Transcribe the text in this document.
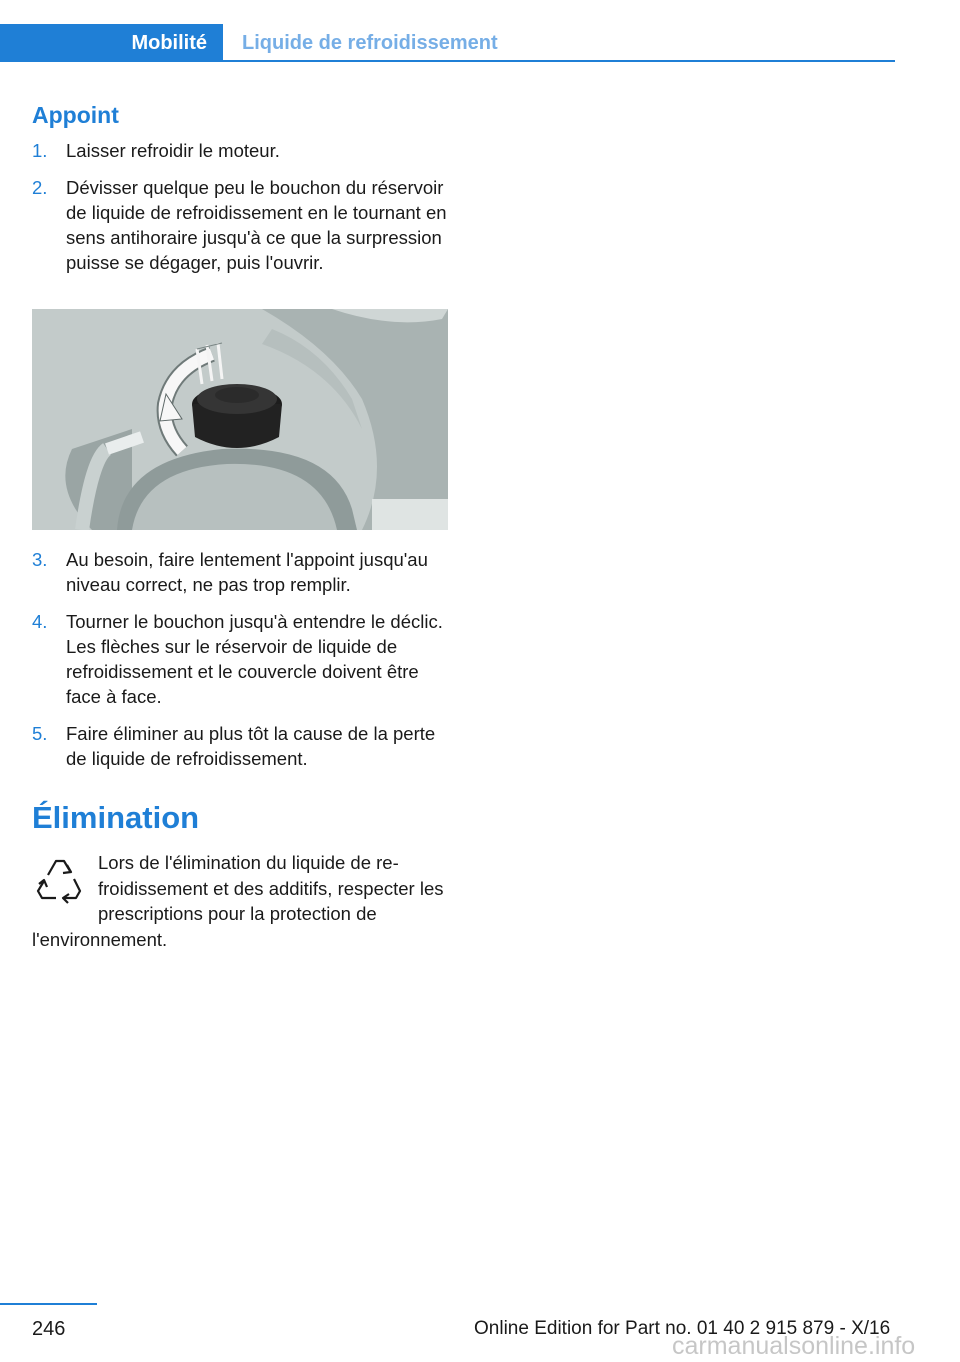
Mobilité	Liquide de refroidissement
Appoint
1. Laisser refroidir le moteur.
2. Dévisser quelque peu le bouchon du réservoir de liquide de refroidissement en le tournant en sens antihoraire jusqu'à ce que la surpression puisse se dégager, puis l'ouvrir.
3. Au besoin, faire lentement l'appoint jusqu'au niveau correct, ne pas trop remplir.
4. Tourner le bouchon jusqu'à entendre le déclic. Les flèches sur le réservoir de liquide de refroidissement et le couvercle doivent être face à face.
5. Faire éliminer au plus tôt la cause de la perte de liquide de refroidissement.
Élimination

Lors de l'élimination du liquide de refroidissement et des additifs, respecter les prescriptions pour la protection de l'environnement.

246	Online Edition for Part no. 01 40 2 915 879 - X/16
carmanualsonline.info
